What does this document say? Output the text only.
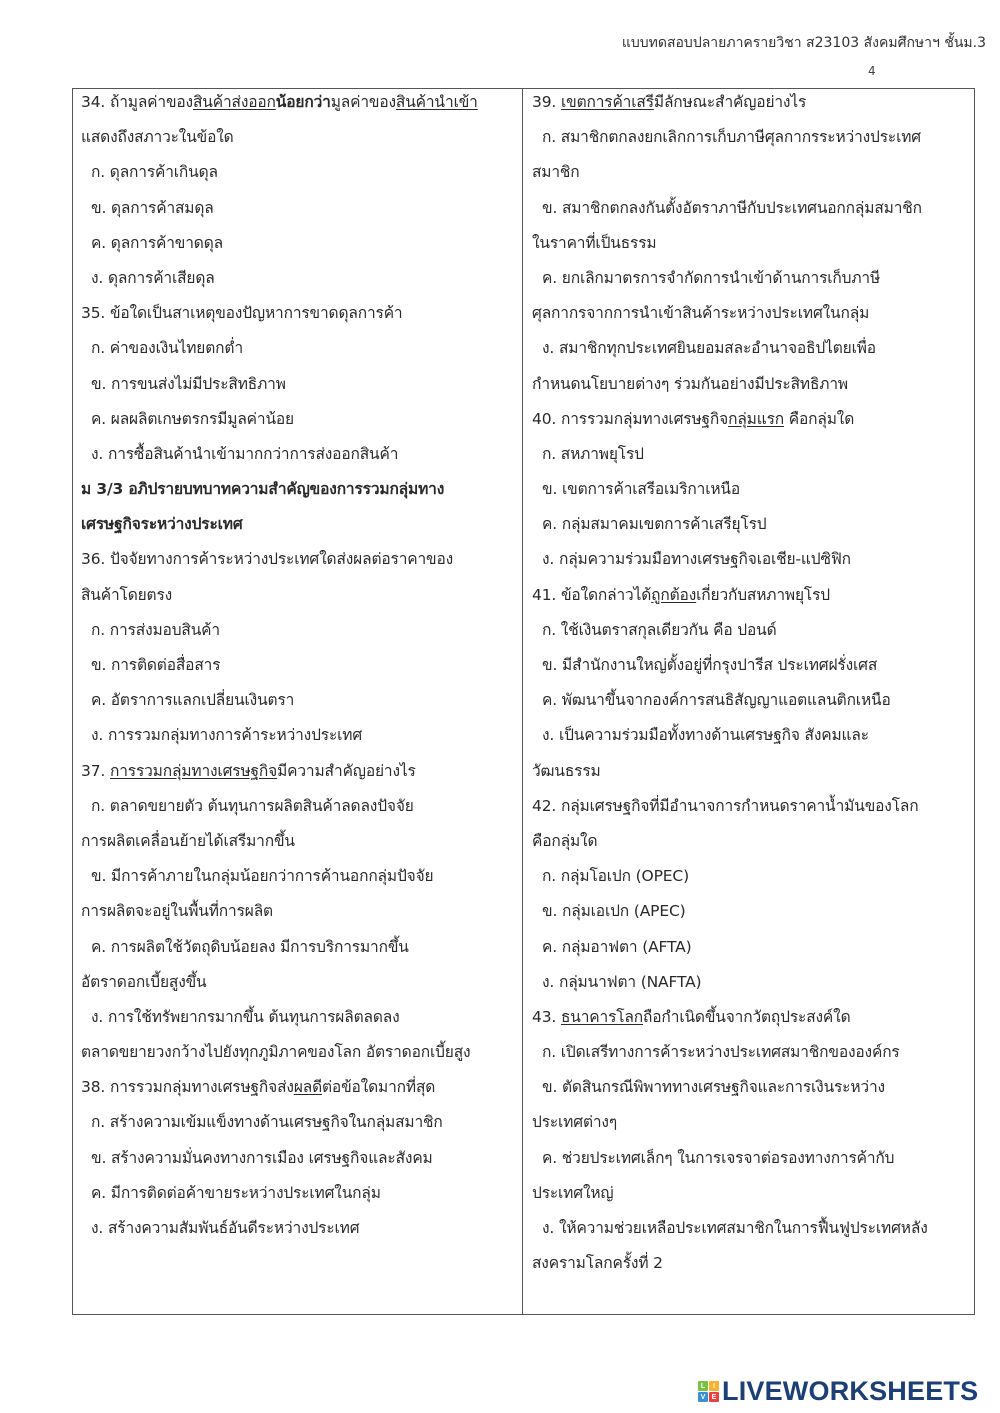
แบบทดสอบปลายภาครายวิชา ส23103 สังคมศึกษาฯ ชั้นม.3
4
34. ถ้ามูลค่าของสินค้าส่งออกน้อยกว่ามูลค่าของสินค้านำเข้า
แสดงถึงสภาวะในข้อใด
ก. ดุลการค้าเกินดุล
ข. ดุลการค้าสมดุล
ค. ดุลการค้าขาดดุล
ง. ดุลการค้าเสียดุล
35. ข้อใดเป็นสาเหตุของปัญหาการขาดดุลการค้า
ก. ค่าของเงินไทยตกต่ำ
ข. การขนส่งไม่มีประสิทธิภาพ
ค. ผลผลิตเกษตรกรมีมูลค่าน้อย
ง. การซื้อสินค้านำเข้ามากกว่าการส่งออกสินค้า
ม 3/3 อภิปรายบทบาทความสำคัญของการรวมกลุ่มทาง
เศรษฐกิจระหว่างประเทศ
36. ปัจจัยทางการค้าระหว่างประเทศใดส่งผลต่อราคาของ
สินค้าโดยตรง
ก. การส่งมอบสินค้า
ข. การติดต่อสื่อสาร
ค. อัตราการแลกเปลี่ยนเงินตรา
ง. การรวมกลุ่มทางการค้าระหว่างประเทศ
37. การรวมกลุ่มทางเศรษฐกิจมีความสำคัญอย่างไร
ก. ตลาดขยายตัว ต้นทุนการผลิตสินค้าลดลงปัจจัย
การผลิตเคลื่อนย้ายได้เสรีมากขึ้น
ข. มีการค้าภายในกลุ่มน้อยกว่าการค้านอกกลุ่มปัจจัย
การผลิตจะอยู่ในพื้นที่การผลิต
ค. การผลิตใช้วัตถุดิบน้อยลง มีการบริการมากขึ้น
อัตราดอกเบี้ยสูงขึ้น
ง. การใช้ทรัพยากรมากขึ้น ต้นทุนการผลิตลดลง
ตลาดขยายวงกว้างไปยังทุกภูมิภาคของโลก อัตราดอกเบี้ยสูง
38. การรวมกลุ่มทางเศรษฐกิจส่งผลดีต่อข้อใดมากที่สุด
ก. สร้างความเข้มแข็งทางด้านเศรษฐกิจในกลุ่มสมาชิก
ข. สร้างความมั่นคงทางการเมือง เศรษฐกิจและสังคม
ค. มีการติดต่อค้าขายระหว่างประเทศในกลุ่ม
ง. สร้างความสัมพันธ์อันดีระหว่างประเทศ
39. เขตการค้าเสรีมีลักษณะสำคัญอย่างไร
ก. สมาชิกตกลงยกเลิกการเก็บภาษีศุลกากรระหว่างประเทศ
สมาชิก
ข. สมาชิกตกลงกันตั้งอัตราภาษีกับประเทศนอกกลุ่มสมาชิก
ในราคาที่เป็นธรรม
ค. ยกเลิกมาตรการจำกัดการนำเข้าด้านการเก็บภาษี
ศุลกากรจากการนำเข้าสินค้าระหว่างประเทศในกลุ่ม
ง. สมาชิกทุกประเทศยินยอมสละอำนาจอธิปไตยเพื่อ
กำหนดนโยบายต่างๆ ร่วมกันอย่างมีประสิทธิภาพ
40. การรวมกลุ่มทางเศรษฐกิจกลุ่มแรก คือกลุ่มใด
ก. สหภาพยุโรป
ข. เขตการค้าเสรีอเมริกาเหนือ
ค. กลุ่มสมาคมเขตการค้าเสรียุโรป
ง. กลุ่มความร่วมมือทางเศรษฐกิจเอเชีย-แปซิฟิก
41. ข้อใดกล่าวได้ถูกต้องเกี่ยวกับสหภาพยุโรป
ก. ใช้เงินตราสกุลเดียวกัน คือ ปอนด์
ข. มีสำนักงานใหญ่ตั้งอยู่ที่กรุงปารีส ประเทศฝรั่งเศส
ค. พัฒนาขึ้นจากองค์การสนธิสัญญาแอตแลนติกเหนือ
ง. เป็นความร่วมมือทั้งทางด้านเศรษฐกิจ สังคมและ
วัฒนธรรม
42. กลุ่มเศรษฐกิจที่มีอำนาจการกำหนดราคาน้ำมันของโลก
คือกลุ่มใด
ก. กลุ่มโอเปก (OPEC)
ข. กลุ่มเอเปก (APEC)
ค. กลุ่มอาฟตา (AFTA)
ง. กลุ่มนาฟตา (NAFTA)
43. ธนาคารโลกถือกำเนิดขึ้นจากวัตถุประสงค์ใด
ก. เปิดเสรีทางการค้าระหว่างประเทศสมาชิกขององค์กร
ข. ตัดสินกรณีพิพาททางเศรษฐกิจและการเงินระหว่าง
ประเทศต่างๆ
ค. ช่วยประเทศเล็กๆ ในการเจรจาต่อรองทางการค้ากับ
ประเทศใหญ่
ง. ให้ความช่วยเหลือประเทศสมาชิกในการฟื้นฟูประเทศหลัง
สงครามโลกครั้งที่ 2
L	I
V E LIVEWORKSHEETS
